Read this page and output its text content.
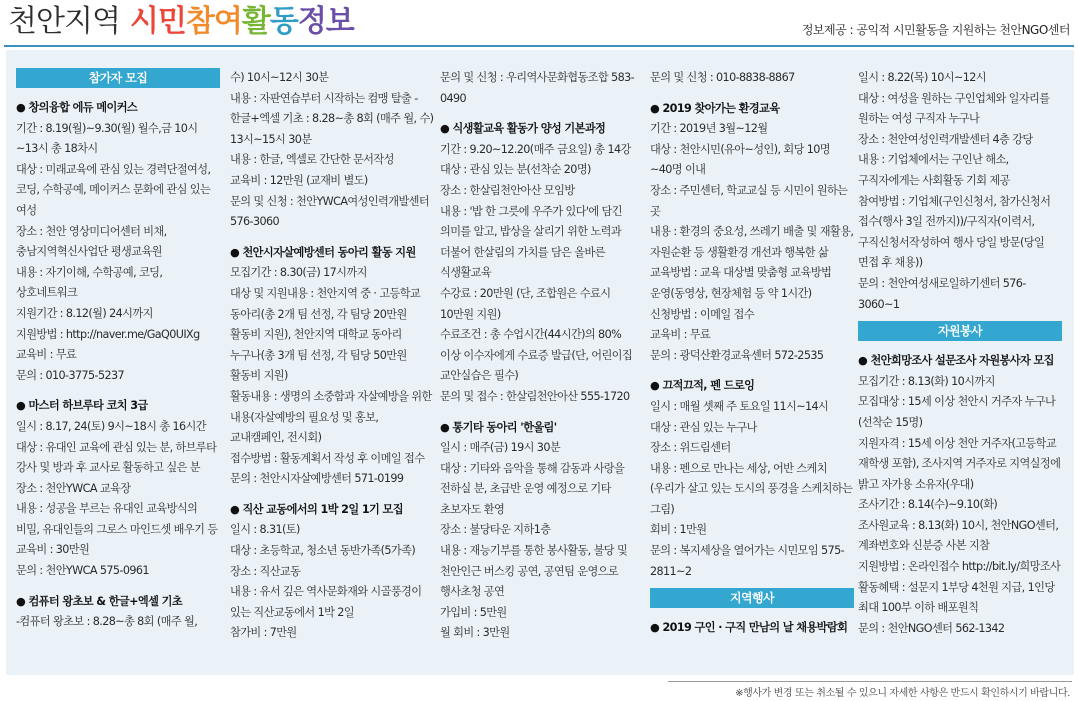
천안지역 시민참여활동정보	정보제공 : 공익적 시민활동을 지원하는 천안NGO센터
참가자 모집

● 창의융합 에듀 메이커스

기간 : 8.19(월)~9.30(월) 월수,금 10시~13시 총 18차시

대상 : 미래교육에 관심 있는 경력단절여성, 코딩, 수학공예, 메이커스 문화에 관심 있는 여성

장소 : 천안 영상미디어센터 비채, 충남지역혁신사업단 평생교육원

내용 : 자기이해, 수학공예, 코딩, 상호네트워크

지원기간 : 8.12(월) 24시까지

지원방법 : http://naver.me/GaQ0UIXg

교육비 : 무료

문의 : 010-3775-5237

● 마스터 하브루타 코치 3급

일시 : 8.17, 24(토) 9시~18시 총 16시간

대상 : 유대인 교육에 관심 있는 분, 하브루타 강사 및 방과 후 교사로 활동하고 싶은 분

장소 : 천안YWCA 교육장

내용 : 성공을 부르는 유대인 교육방식의 비밀, 유대인들의 그로스 마인드셋 배우기 등

교육비 : 30만원

문의 : 천안YWCA 575-0961

● 컴퓨터 왕초보 & 한글+엑셀 기초

-컴퓨터 왕초보 : 8.28~총 8회 (매주 월,

수) 10시~12시 30분

내용 : 자판연습부터 시작하는 컴맹 탈출 -한글+엑셀 기초 : 8.28~총 8회 (매주 월, 수) 13시~15시 30분

내용 : 한글, 엑셀로 간단한 문서작성

교육비 : 12만원 (교재비 별도)

문의 및 신청 : 천안YWCA여성인력개발센터 576-3060

● 천안시자살예방센터 동아리 활동 지원

모집기간 : 8.30(금) 17시까지

대상 및 지원내용 : 천안지역 중 · 고등학교 동아리(총 2개 팀 선정, 각 팀당 20만원 활동비 지원), 천안지역 대학교 동아리 누구나(총 3개 팀 선정, 각 팀당 50만원 활동비 지원)

활동내용 : 생명의 소중함과 자살예방을 위한 내용(자살예방의 필요성 및 홍보, 교내캠페인, 전시회)

접수방법 : 활동계획서 작성 후 이메일 접수

문의 : 천안시자살예방센터 571-0199

● 직산 교동에서의 1박 2일 1기 모집

일시 : 8.31(토)

대상 : 초등학교, 청소년 동반가족(5가족)

장소 : 직산교동

내용 : 유서 깊은 역사문화재와 시골풍경이 있는 직산교동에서 1박 2일

참가비 : 7만원

문의 및 신청 : 우리역사문화협동조합 583-0490

● 식생활교육 활동가 양성 기본과정

기간 : 9.20~12.20(매주 금요일) 총 14강

대상 : 관심 있는 분(선착순 20명)

장소 : 한살림천안아산 모임방

내용 : '밥 한 그릇에 우주가 있다'에 담긴 의미를 알고, 밥상을 살리기 위한 노력과 더불어 한살림의 가치를 담은 올바른 식생활교육

수강료 : 20만원 (단, 조합원은 수료시 10만원 지원)

수료조건 : 총 수업시간(44시간)의 80% 이상 이수자에게 수료증 발급(단, 어린이집 교안실습은 필수)

문의 및 접수 : 한살림천안아산 555-1720

● 통기타 동아리 '한울림'

일시 : 매주(금) 19시 30분

대상 : 기타와 음악을 통해 감동과 사랑을 전하실 분, 초급반 운영 예정으로 기타 초보자도 환영

장소 : 불당타운 지하1층

내용 : 재능기부를 통한 봉사활동, 불당 및 천안인근 버스킹 공연, 공연팀 운영으로 행사초청 공연

가입비 : 5만원

월 회비 : 3만원

문의 및 신청 : 010-8838-8867

● 2019 찾아가는 환경교육

기간 : 2019년 3월~12월

대상 : 천안시민(유아~성인), 회당 10명~40명 이내

장소 : 주민센터, 학교교실 등 시민이 원하는 곳

내용 : 환경의 중요성, 쓰레기 배출 및 재활용, 자원순환 등 생활환경 개선과 행복한 삶

교육방법 : 교육 대상별 맞춤형 교육방법 운영(동영상, 현장체험 등 약 1시간)

신청방법 : 이메일 접수

교육비 : 무료

문의 : 광덕산환경교육센터 572-2535

● 끄적끄적, 펜 드로잉

일시 : 매월 셋째 주 토요일 11시~14시

대상 : 관심 있는 누구나

장소 : 위드림센터

내용 : 펜으로 만나는 세상, 어반 스케치 (우리가 살고 있는 도시의 풍경을 스케치하는 그림)

회비 : 1만원

문의 : 복지세상을 열어가는 시민모임 575-2811~2

지역행사

● 2019 구인 · 구직 만남의 날 채용박람회

일시 : 8.22(목) 10시~12시

대상 : 여성을 원하는 구인업체와 일자리를 원하는 여성 구직자 누구나

장소 : 천안여성인력개발센터 4층 강당

내용 : 기업체에서는 구인난 해소, 구직자에게는 사회활동 기회 제공

참여방법 : 기업체(구인신청서, 참가신청서 접수(행사 3일 전까지))/구직자(이력서, 구직신청서작성하여 행사 당일 방문(당일 면접 후 채용))

문의 : 천안여성새로일하기센터 576-3060~1

자원봉사

● 천안희망조사 설문조사 자원봉사자 모집

모집기간 : 8.13(화) 10시까지

모집대상 : 15세 이상 천안시 거주자 누구나(선착순 15명)

지원자격 : 15세 이상 천안 거주자(고등학교 재학생 포함), 조사지역 거주자로 지역실정에 밝고 자가용 소유자(우대)

조사기간 : 8.14(수)~9.10(화)

조사원교육 : 8.13(화) 10시, 천안NGO센터, 계좌번호와 신분증 사본 지참

지원방법 : 온라인접수 http://bit.ly/희망조사

활동혜택 : 설문지 1부당 4천원 지급, 1인당 최대 100부 이하 배포원칙

문의 : 천안NGO센터 562-1342

※행사가 변경 또는 취소될 수 있으니 자세한 사항은 반드시 확인하시기 바랍니다.
